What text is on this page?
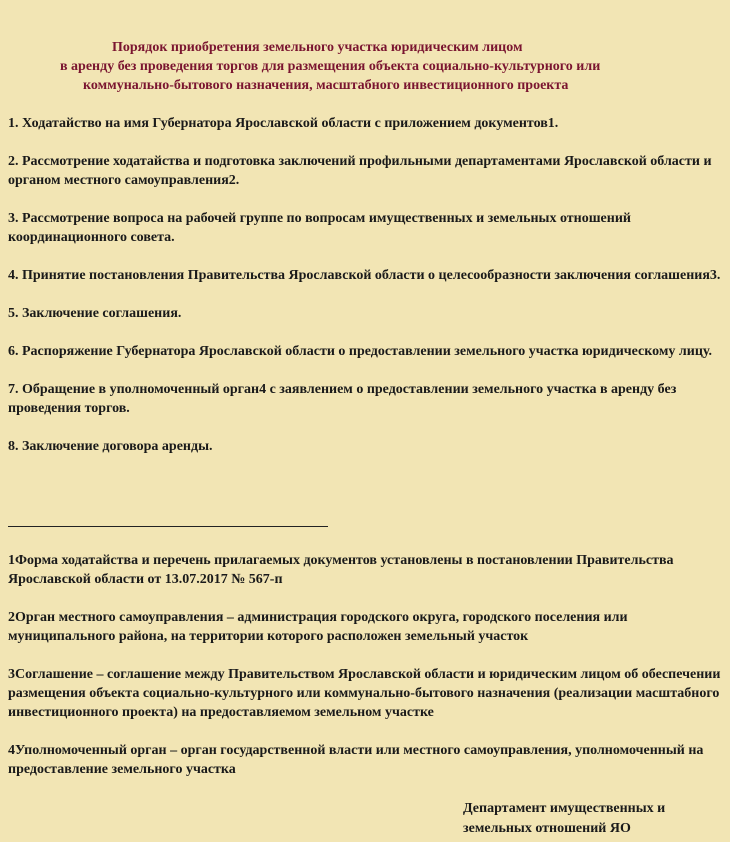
Порядок приобретения земельного участка юридическим лицом
в аренду без проведения торгов для размещения объекта социально-культурного или
коммунально-бытового назначения, масштабного инвестиционного проекта
1. Ходатайство на имя Губернатора Ярославской области с приложением документов1.
2. Рассмотрение ходатайства и подготовка заключений профильными департаментами Ярославской области и органом местного самоуправления2.
3. Рассмотрение вопроса на рабочей группе по вопросам имущественных и земельных отношений координационного совета.
4. Принятие постановления Правительства Ярославской области о целесообразности заключения соглашения3.
5. Заключение соглашения.
6. Распоряжение Губернатора Ярославской области о предоставлении земельного участка юридическому лицу.
7. Обращение в уполномоченный орган4 с заявлением о предоставлении земельного участка в аренду без проведения торгов.
8. Заключение договора аренды.
1Форма ходатайства и перечень прилагаемых документов установлены в постановлении Правительства Ярославской области от 13.07.2017 № 567-п
2Орган местного самоуправления – администрация городского округа, городского поселения или муниципального района, на территории которого расположен земельный участок
3Соглашение – соглашение между Правительством Ярославской области и юридическим лицом об обеспечении размещения объекта социально-культурного или коммунально-бытового назначения (реализации масштабного инвестиционного проекта) на предоставляемом земельном участке
4Уполномоченный орган – орган государственной власти или местного самоуправления, уполномоченный на предоставление земельного участка
Департамент имущественных и
земельных отношений ЯО
